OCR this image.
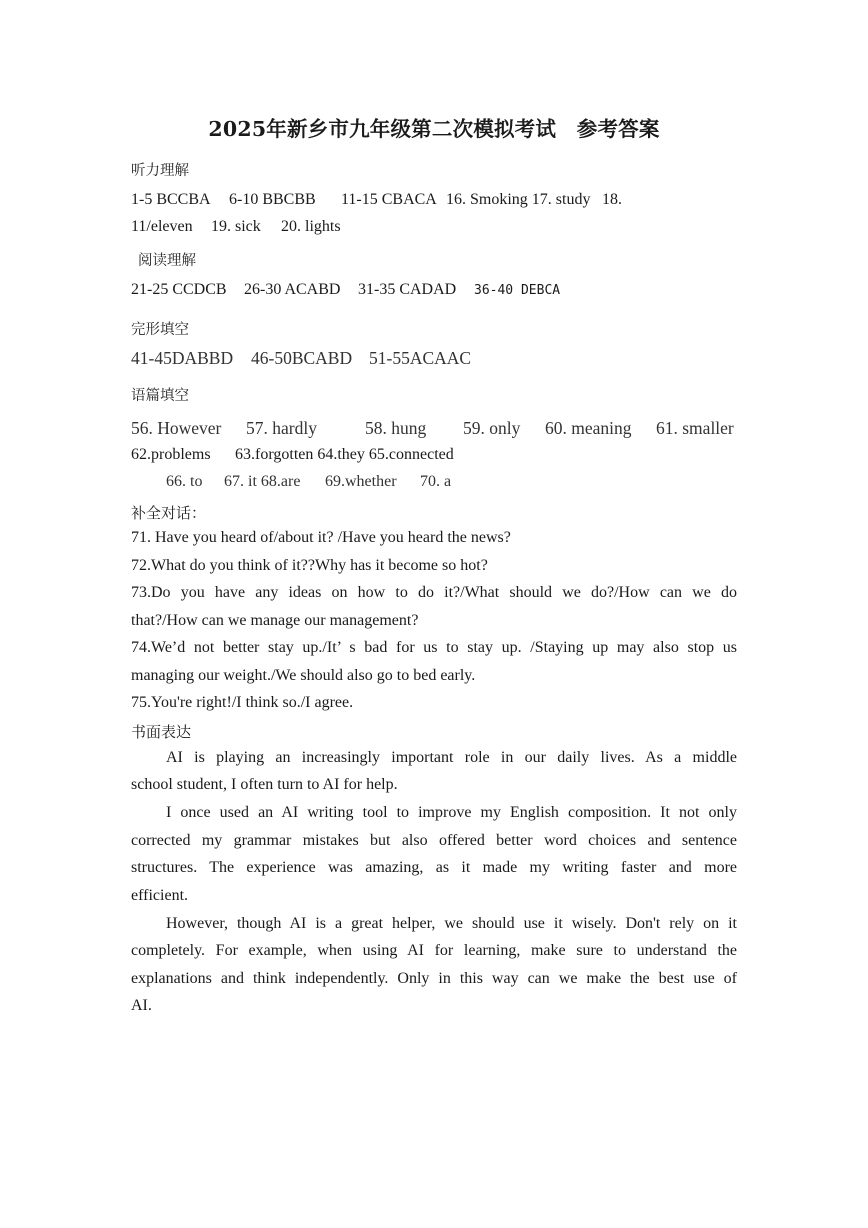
2025年新乡市九年级第二次模拟考试　参考答案
听力理解
1-5 BCCBA 6-10 BBCBB 11-15 CBACA 16. Smoking 17. study 18.
11/eleven 19. sick 20. lights
阅读理解
21-25 CCDCB 26-30 ACABD 31-35 CADAD 36-40 DEBCA
完形填空
41-45DABBD 46-50BCABD 51-55ACAAC
语篇填空
56. However 57. hardly	58. hung 59. only 60. meaning 61. smaller
62.problems 63.forgotten 64.they 65.connected
66. to 67. it 68.are 69.whether 70. a
补全对话：
71. Have you heard of/about it? /Have you heard the news?
72.What do you think of it??Why has it become so hot?
73.Do you have any ideas on how to do it?/What should we do?/How can we do
that?/How can we manage our management?
74.We’d not better stay up./It’ s bad for us to stay up. /Staying up may also stop us
managing our weight./We should also go to bed early.
75.You're right!/I think so./I agree.
书面表达
AI is playing an increasingly important role in our daily lives. As a middle
school student, I often turn to AI for help.
I once used an AI writing tool to improve my English composition. It not only
corrected my grammar mistakes but also offered better word choices and sentence
structures. The experience was amazing, as it made my writing faster and more
efficient.
However, though AI is a great helper, we should use it wisely. Don't rely on it
completely. For example, when using AI for learning, make sure to understand the
explanations and think independently. Only in this way can we make the best use of
AI.
